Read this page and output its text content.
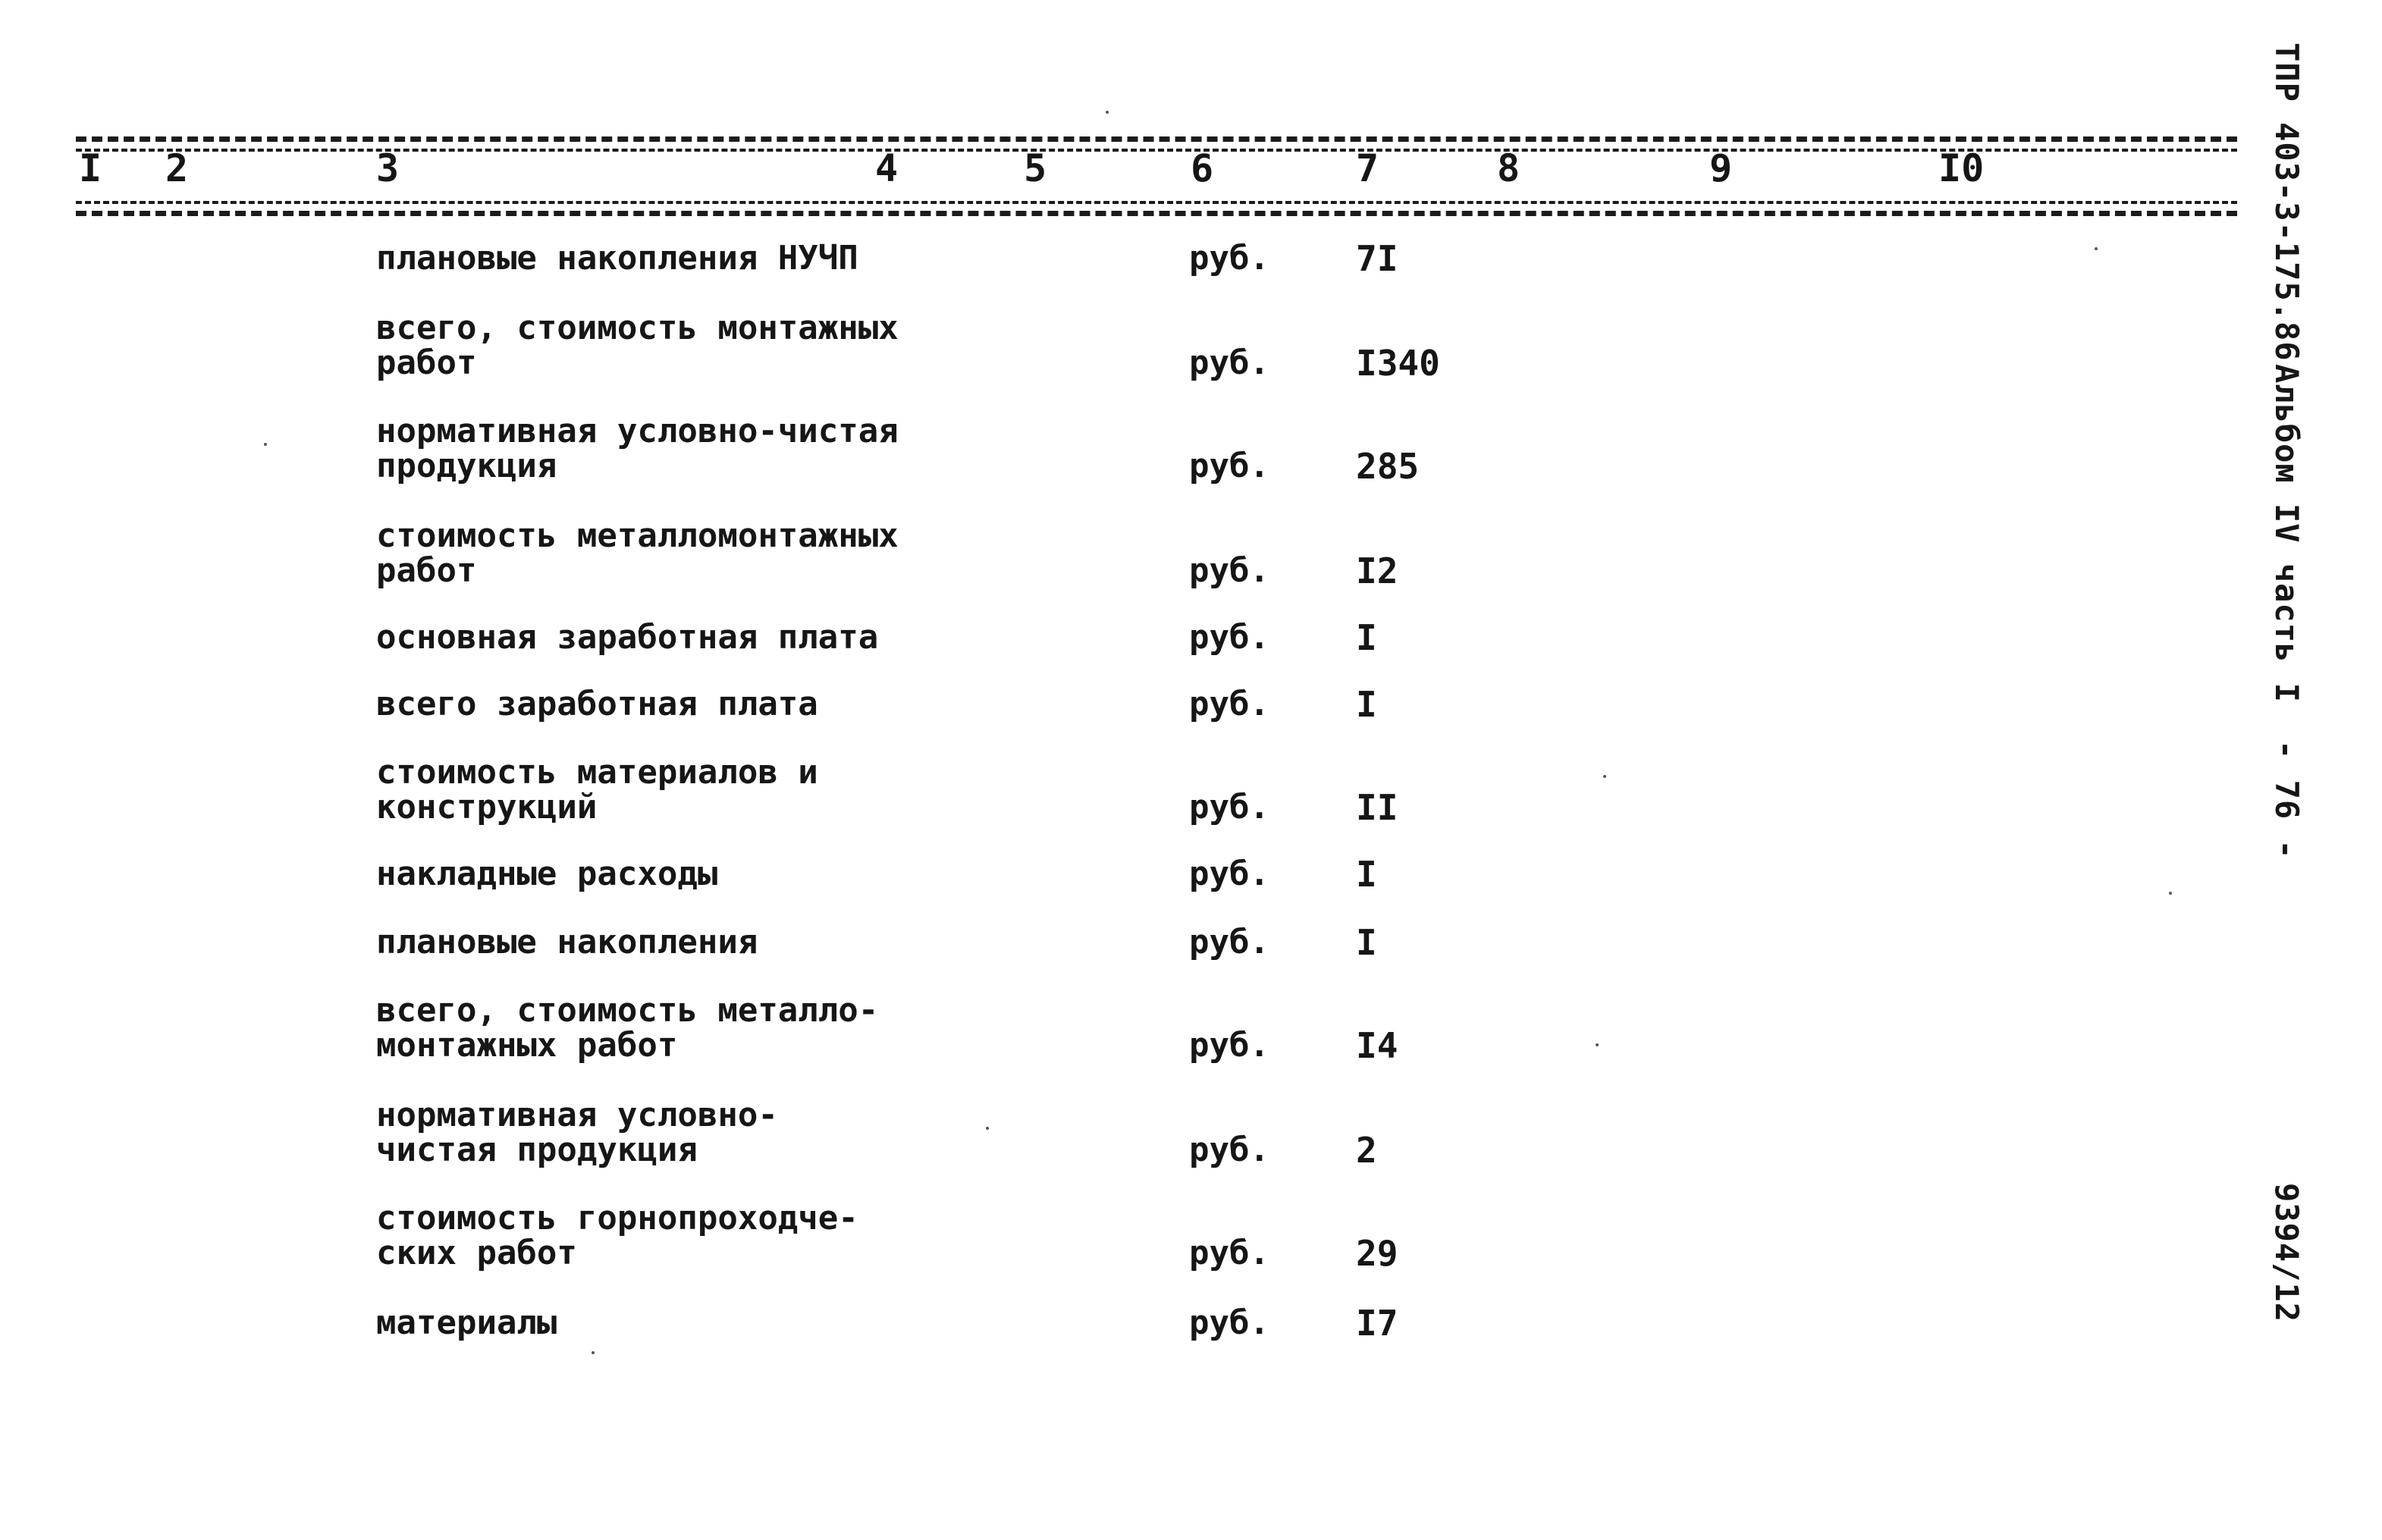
I 2	3	4	5	6	7	8	9	I0
плановые накопления НУЧП	руб. 7I
всего, стоимость монтажных
работ	руб. I340
нормативная условно-чистая
продукция	руб. 285
стоимость металломонтажных
работ	руб. I2
основная заработная плата	руб. I
всего заработная плата	руб. I
стоимость материалов и
конструкций	руб. II
накладные расходы	руб. I
плановые накопления	руб. I
всего, стоимость металло-
монтажных работ	руб. I4
нормативная условно-
чистая продукция	руб. 2
стоимость горнопроходче-
ских работ	руб. 29
материалы	руб. I7
ТПР 403-3-175.86
Альбом IV часть I
- 76 -
9394/12
